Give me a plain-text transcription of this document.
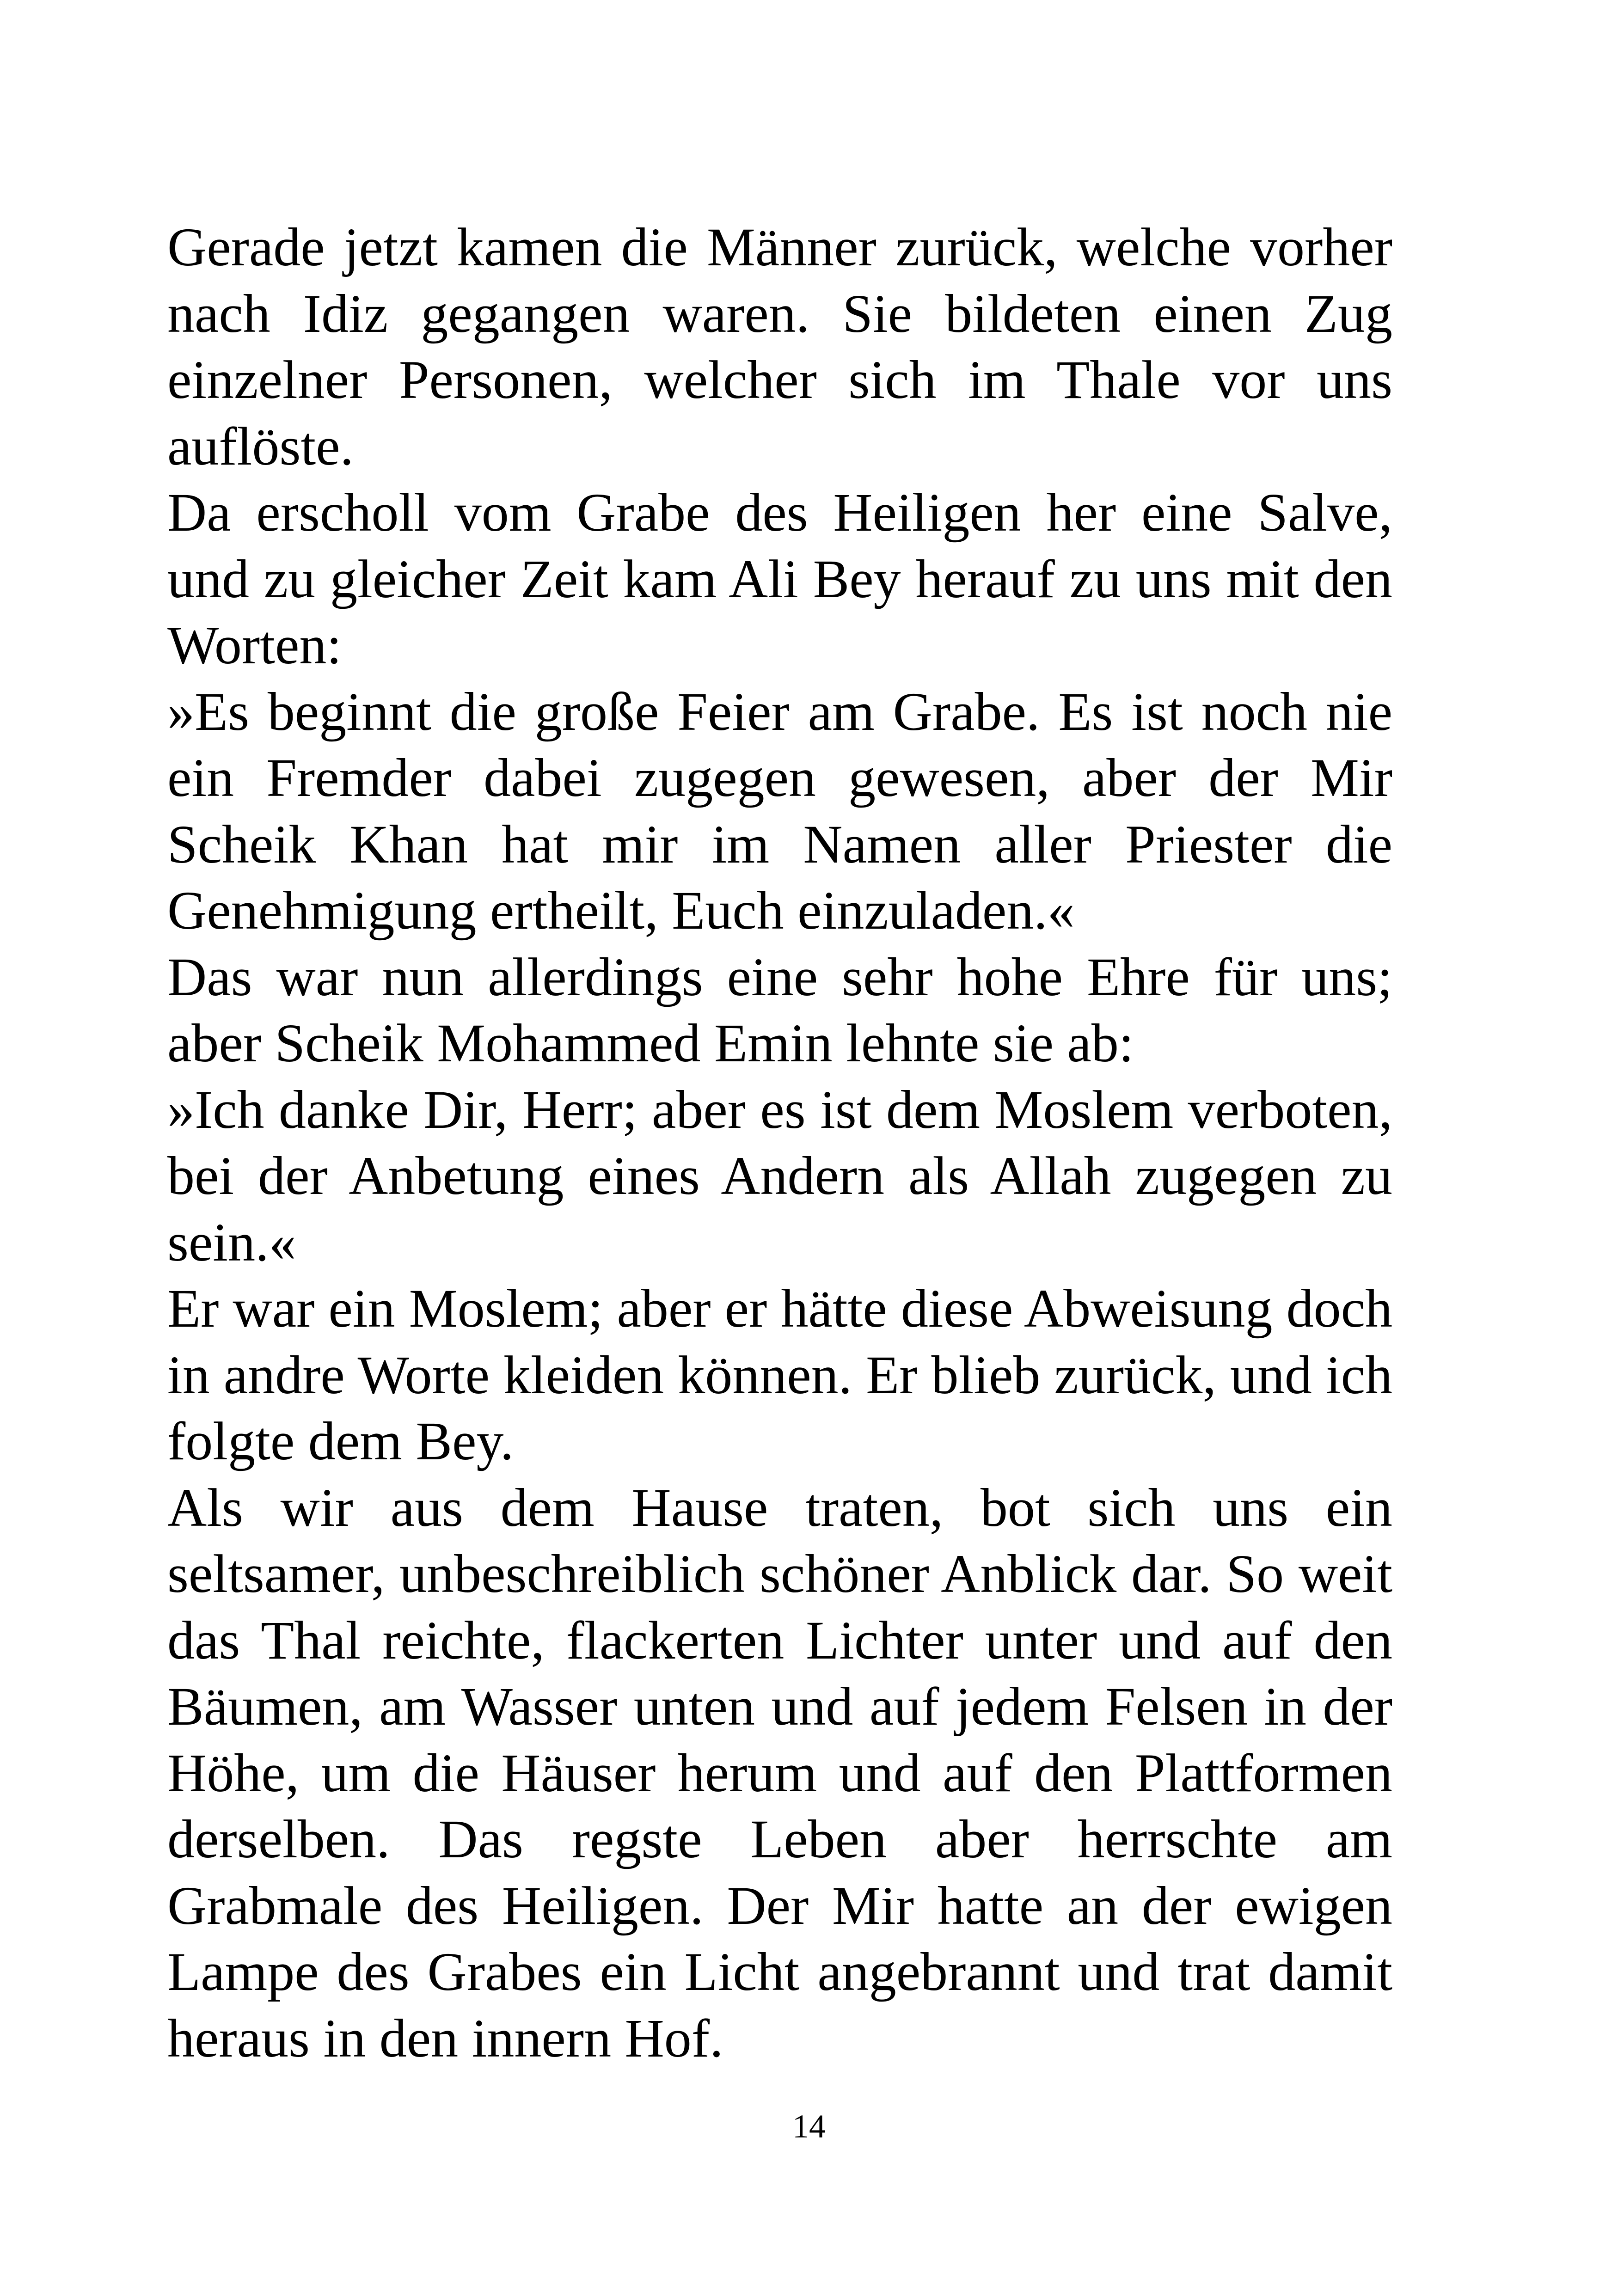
Gerade jetzt kamen die Männer zurück, welche vorher nach Idiz gegangen waren. Sie bildeten einen Zug einzelner Personen, welcher sich im Thale vor uns auflöste.

Da erscholl vom Grabe des Heiligen her eine Salve, und zu gleicher Zeit kam Ali Bey herauf zu uns mit den Worten:

»Es beginnt die große Feier am Grabe. Es ist noch nie ein Fremder dabei zugegen gewesen, aber der Mir Scheik Khan hat mir im Namen aller Priester die Genehmigung ertheilt, Euch einzuladen.«

Das war nun allerdings eine sehr hohe Ehre für uns; aber Scheik Mohammed Emin lehnte sie ab:

»Ich danke Dir, Herr; aber es ist dem Moslem verboten, bei der Anbetung eines Andern als Allah zugegen zu sein.«

Er war ein Moslem; aber er hätte diese Abweisung doch in andre Worte kleiden können. Er blieb zurück, und ich folgte dem Bey.

Als wir aus dem Hause traten, bot sich uns ein seltsamer, unbeschreiblich schöner Anblick dar. So weit das Thal reichte, flackerten Lichter unter und auf den Bäumen, am Wasser unten und auf jedem Felsen in der Höhe, um die Häuser herum und auf den Plattformen derselben. Das regste Leben aber herrschte am Grabmale des Heiligen. Der Mir hatte an der ewigen Lampe des Grabes ein Licht angebrannt und trat damit heraus in den innern Hof.

14
